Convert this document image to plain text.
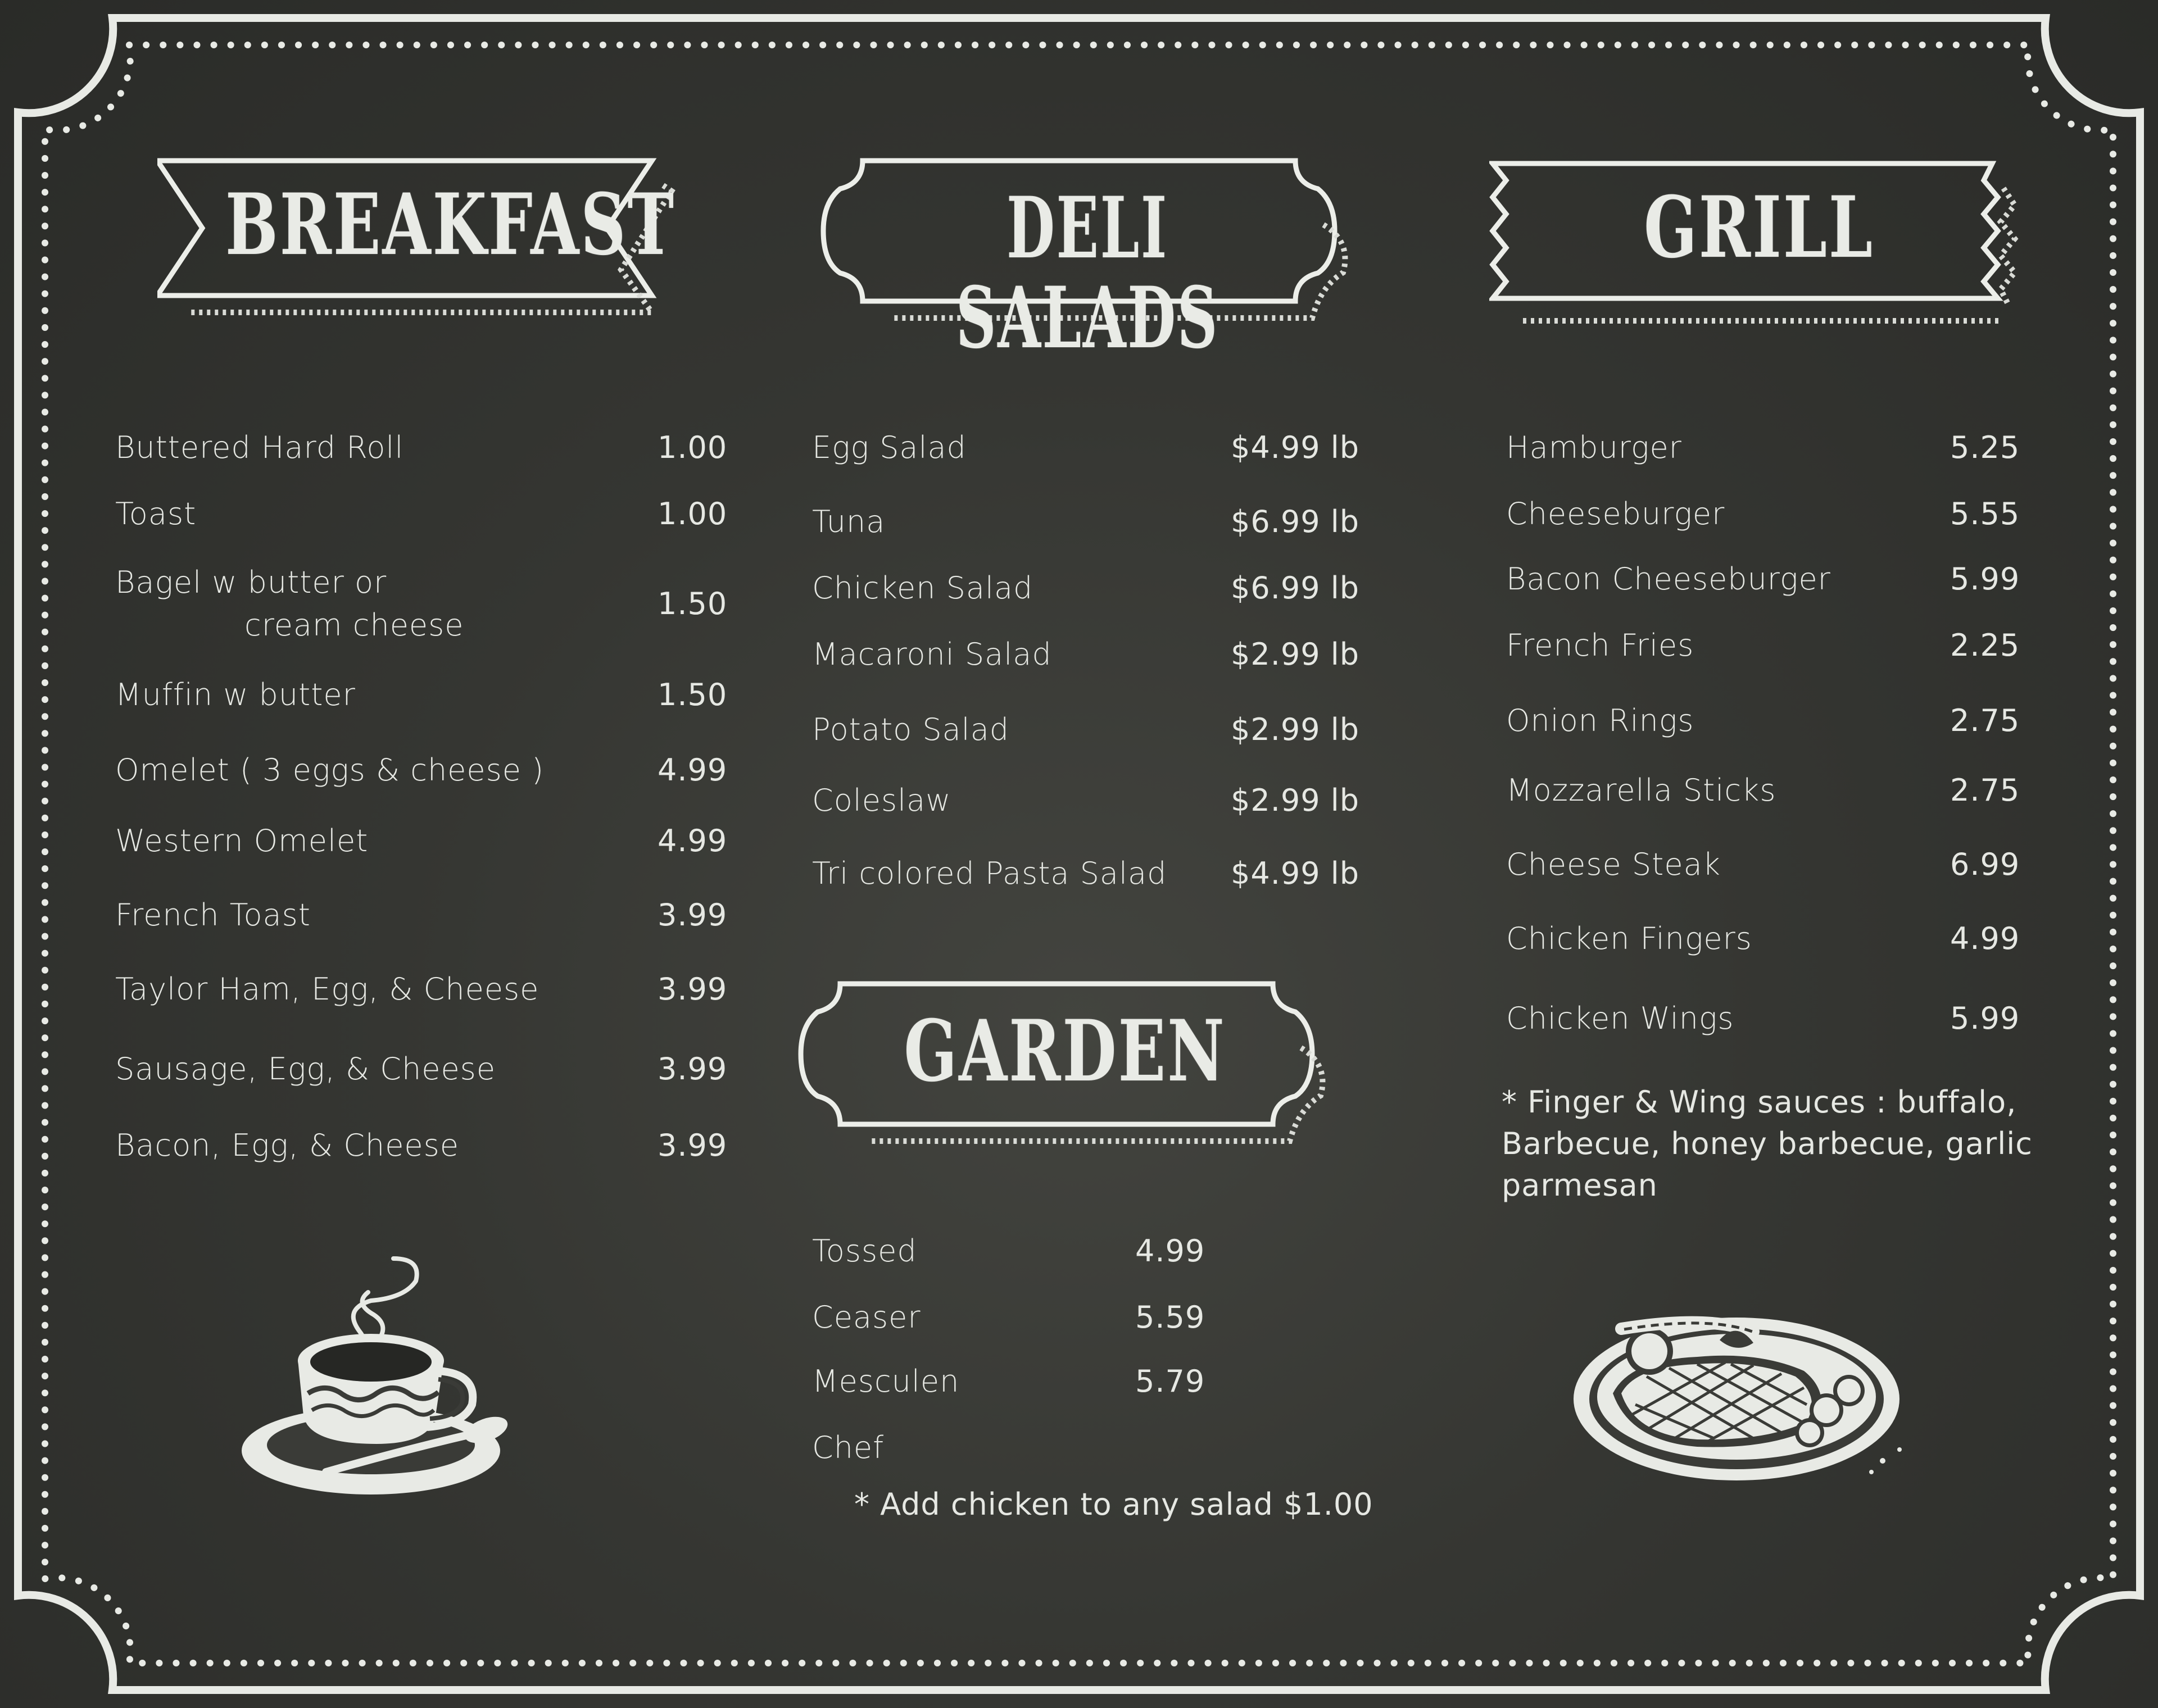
BREAKFAST	DELI SALADS
GRILL
GARDEN
Buttered Hard Roll	1.00
Toast	1.00
Bagel w butter or
cream cheese
1.50
Muffin w butter	1.50
Omelet ( 3 eggs & cheese )	4.99
Western Omelet	4.99
French Toast	3.99
Taylor Ham, Egg, & Cheese	3.99
Sausage, Egg, & Cheese	3.99
Bacon, Egg, & Cheese	3.99
Egg Salad	$4.99 lb
Tuna	$6.99 lb
Chicken Salad	$6.99 lb
Macaroni Salad	$2.99 lb
Potato Salad	$2.99 lb
Coleslaw	$2.99 lb
Tri colored Pasta Salad $4.99 lb
Tossed	4.99
Ceaser	5.59
Mesculen	5.79
Chef
* Add chicken to any salad $1.00
Hamburger	5.25
Cheeseburger	5.55
Bacon Cheeseburger	5.99
French Fries	2.25
Onion Rings	2.75
Mozzarella Sticks	2.75
Cheese Steak	6.99
Chicken Fingers	4.99
Chicken Wings	5.99
* Finger & Wing sauces : buffalo, Barbecue, honey barbecue, garlic parmesan
